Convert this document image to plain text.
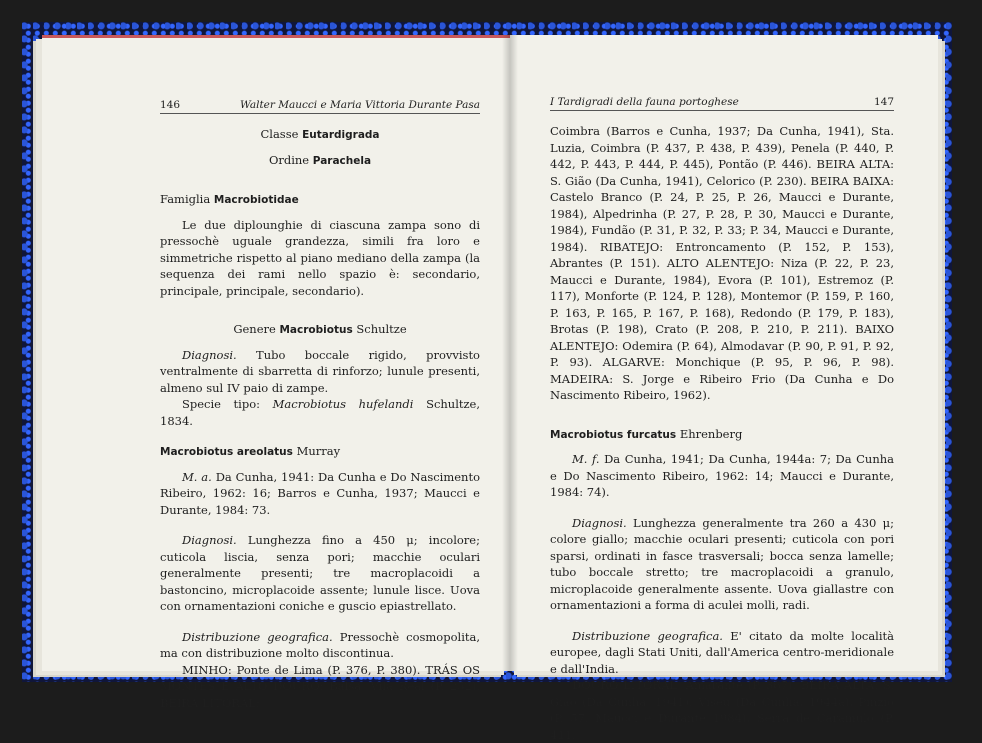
146	Walter Maucci e Maria Vittoria Durante Pasa

Classe Eutardigrada

Ordine Parachela

Famiglia Macrobiotidae

Le due diplounghie di ciascuna zampa sono di pressochè uguale grandezza, simili fra loro e simmetriche rispetto al piano mediano della zampa (la sequenza dei rami nello spazio è: secondario, principale, principale, secondario).

Genere Macrobiotus Schultze

Diagnosi. Tubo boccale rigido, provvisto ventralmente di sbarretta di rinforzo; lunule presenti, almeno sul IV paio di zampe.

Specie tipo: Macrobiotus hufelandi Schultze, 1834.

Macrobiotus areolatus Murray

M. a. Da Cunha, 1941: Da Cunha e Do Nascimento Ribeiro, 1962: 16; Barros e Cunha, 1937; Maucci e Durante, 1984: 73.

Diagnosi. Lunghezza fino a 450 μ; incolore; cuticola liscia, senza pori; macchie oculari generalmente presenti; tre macroplacoidi a bastoncino, microplacoide assente; lunule lisce. Uova con ornamentazioni coniche e guscio epiastrellato.

Distribuzione geografica. Pressochè cosmopolita, ma con distribuzione molto discontinua.

MINHO: Ponte de Lima (P. 376, P. 380). TRÁS OS MONTES E ALTO DOURO: Balsa, Vila Real (P. 252). BEIRA LITORAL:

I Tardigradi della fauna portoghese	147

Coimbra (Barros e Cunha, 1937; Da Cunha, 1941), Sta. Luzia, Coimbra (P. 437, P. 438, P. 439), Penela (P. 440, P. 442, P. 443, P. 444, P. 445), Pontão (P. 446). BEIRA ALTA: S. Gião (Da Cunha, 1941), Celorico (P. 230). BEIRA BAIXA: Castelo Branco (P. 24, P. 25, P. 26, Maucci e Durante, 1984), Alpedrinha (P. 27, P. 28, P. 30, Maucci e Durante, 1984), Fundão (P. 31, P. 32, P. 33; P. 34, Maucci e Durante, 1984). RIBATEJO: Entroncamento (P. 152, P. 153), Abrantes (P. 151). ALTO ALENTEJO: Niza (P. 22, P. 23, Maucci e Durante, 1984), Evora (P. 101), Estremoz (P. 117), Monforte (P. 124, P. 128), Montemor (P. 159, P. 160, P. 163, P. 165, P. 167, P. 168), Redondo (P. 179, P. 183), Brotas (P. 198), Crato (P. 208, P. 210, P. 211). BAIXO ALENTEJO: Odemira (P. 64), Almodavar (P. 90, P. 91, P. 92, P. 93). ALGARVE: Monchique (P. 95, P. 96, P. 98). MADEIRA: S. Jorge e Ribeiro Frio (Da Cunha e Do Nascimento Ribeiro, 1962).

Macrobiotus furcatus Ehrenberg

M. f. Da Cunha, 1941; Da Cunha, 1944a: 7; Da Cunha e Do Nascimento Ribeiro, 1962: 14; Maucci e Durante, 1984: 74).

Diagnosi. Lunghezza generalmente tra 260 a 430 μ; colore giallo; macchie oculari presenti; cuticola con pori sparsi, ordinati in fasce trasversali; bocca senza lamelle; tubo boccale stretto; tre macroplacoidi a granulo, microplacoide generalmente assente. Uova giallastre con ornamentazioni a forma di aculei molli, radi.

Distribuzione geografica. E' citato da molte località europee, dagli Stati Uniti, dall'America centro-meridionale e dall'India.

DOURO LITORAL: Amarante (P. 367). BEIRA ALTA: S. Gião (Da Cunha, 1941), Viseu (Da Cunha, 1944a), Pinzio (P. 57, Maucci e Durante 1984), Serra de Caramulo (P. 411,
